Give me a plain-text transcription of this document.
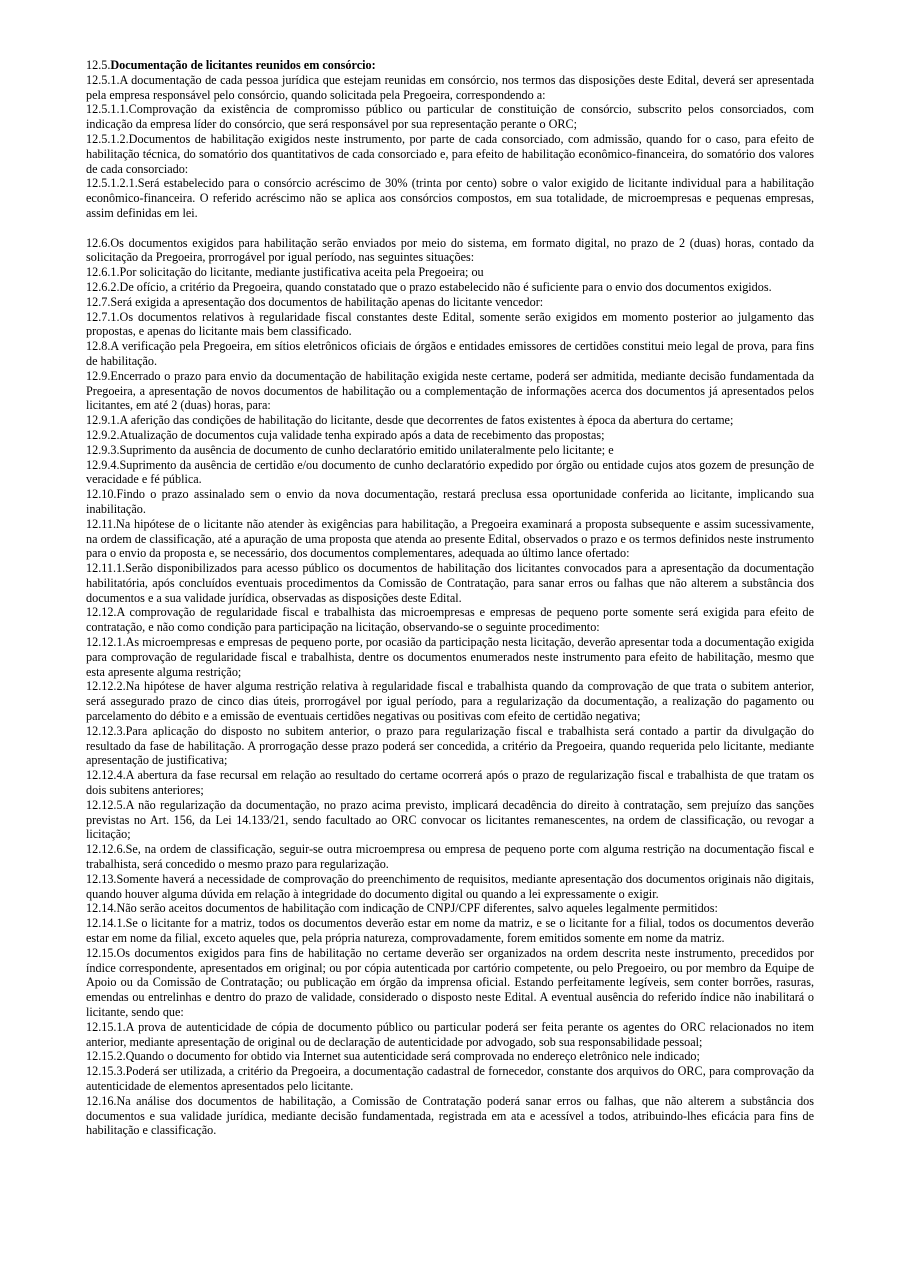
12.5.Documentação de licitantes reunidos em consórcio:

12.5.1.A documentação de cada pessoa jurídica que estejam reunidas em consórcio, nos termos das disposições deste Edital, deverá ser apresentada pela empresa responsável pelo consórcio, quando solicitada pela Pregoeira, correspondendo a:

12.5.1.1.Comprovação da existência de compromisso público ou particular de constituição de consórcio, subscrito pelos consorciados, com indicação da empresa líder do consórcio, que será responsável por sua representação perante o ORC;

12.5.1.2.Documentos de habilitação exigidos neste instrumento, por parte de cada consorciado, com admissão, quando for o caso, para efeito de habilitação técnica, do somatório dos quantitativos de cada consorciado e, para efeito de habilitação econômico-financeira, do somatório dos valores de cada consorciado:

12.5.1.2.1.Será estabelecido para o consórcio acréscimo de 30% (trinta por cento) sobre o valor exigido de licitante individual para a habilitação econômico-financeira. O referido acréscimo não se aplica aos consórcios compostos, em sua totalidade, de microempresas e pequenas empresas, assim definidas em lei.

12.6.Os documentos exigidos para habilitação serão enviados por meio do sistema, em formato digital, no prazo de 2 (duas) horas, contado da solicitação da Pregoeira, prorrogável por igual período, nas seguintes situações:

12.6.1.Por solicitação do licitante, mediante justificativa aceita pela Pregoeira; ou

12.6.2.De ofício, a critério da Pregoeira, quando constatado que o prazo estabelecido não é suficiente para o envio dos documentos exigidos.

12.7.Será exigida a apresentação dos documentos de habilitação apenas do licitante vencedor:

12.7.1.Os documentos relativos à regularidade fiscal constantes deste Edital, somente serão exigidos em momento posterior ao julgamento das propostas, e apenas do licitante mais bem classificado.

12.8.A verificação pela Pregoeira, em sítios eletrônicos oficiais de órgãos e entidades emissores de certidões constitui meio legal de prova, para fins de habilitação.

12.9.Encerrado o prazo para envio da documentação de habilitação exigida neste certame, poderá ser admitida, mediante decisão fundamentada da Pregoeira, a apresentação de novos documentos de habilitação ou a complementação de informações acerca dos documentos já apresentados pelos licitantes, em até 2 (duas) horas, para:

12.9.1.A aferição das condições de habilitação do licitante, desde que decorrentes de fatos existentes à época da abertura do certame;

12.9.2.Atualização de documentos cuja validade tenha expirado após a data de recebimento das propostas;

12.9.3.Suprimento da ausência de documento de cunho declaratório emitido unilateralmente pelo licitante; e

12.9.4.Suprimento da ausência de certidão e/ou documento de cunho declaratório expedido por órgão ou entidade cujos atos gozem de presunção de veracidade e fé pública.

12.10.Findo o prazo assinalado sem o envio da nova documentação, restará preclusa essa oportunidade conferida ao licitante, implicando sua inabilitação.

12.11.Na hipótese de o licitante não atender às exigências para habilitação, a Pregoeira examinará a proposta subsequente e assim sucessivamente, na ordem de classificação, até a apuração de uma proposta que atenda ao presente Edital, observados o prazo e os termos definidos neste instrumento para o envio da proposta e, se necessário, dos documentos complementares, adequada ao último lance ofertado:

12.11.1.Serão disponibilizados para acesso público os documentos de habilitação dos licitantes convocados para a apresentação da documentação habilitatória, após concluídos eventuais procedimentos da Comissão de Contratação, para sanar erros ou falhas que não alterem a substância dos documentos e a sua validade jurídica, observadas as disposições deste Edital.

12.12.A comprovação de regularidade fiscal e trabalhista das microempresas e empresas de pequeno porte somente será exigida para efeito de contratação, e não como condição para participação na licitação, observando-se o seguinte procedimento:

12.12.1.As microempresas e empresas de pequeno porte, por ocasião da participação nesta licitação, deverão apresentar toda a documentação exigida para comprovação de regularidade fiscal e trabalhista, dentre os documentos enumerados neste instrumento para efeito de habilitação, mesmo que esta apresente alguma restrição;

12.12.2.Na hipótese de haver alguma restrição relativa à regularidade fiscal e trabalhista quando da comprovação de que trata o subitem anterior, será assegurado prazo de cinco dias úteis, prorrogável por igual período, para a regularização da documentação, a realização do pagamento ou parcelamento do débito e a emissão de eventuais certidões negativas ou positivas com efeito de certidão negativa;

12.12.3.Para aplicação do disposto no subitem anterior, o prazo para regularização fiscal e trabalhista será contado a partir da divulgação do resultado da fase de habilitação. A prorrogação desse prazo poderá ser concedida, a critério da Pregoeira, quando requerida pelo licitante, mediante apresentação de justificativa;

12.12.4.A abertura da fase recursal em relação ao resultado do certame ocorrerá após o prazo de regularização fiscal e trabalhista de que tratam os dois subitens anteriores;

12.12.5.A não regularização da documentação, no prazo acima previsto, implicará decadência do direito à contratação, sem prejuízo das sanções previstas no Art. 156, da Lei 14.133/21, sendo facultado ao ORC convocar os licitantes remanescentes, na ordem de classificação, ou revogar a licitação;

12.12.6.Se, na ordem de classificação, seguir-se outra microempresa ou empresa de pequeno porte com alguma restrição na documentação fiscal e trabalhista, será concedido o mesmo prazo para regularização.

12.13.Somente haverá a necessidade de comprovação do preenchimento de requisitos, mediante apresentação dos documentos originais não digitais, quando houver alguma dúvida em relação à integridade do documento digital ou quando a lei expressamente o exigir.

12.14.Não serão aceitos documentos de habilitação com indicação de CNPJ/CPF diferentes, salvo aqueles legalmente permitidos:

12.14.1.Se o licitante for a matriz, todos os documentos deverão estar em nome da matriz, e se o licitante for a filial, todos os documentos deverão estar em nome da filial, exceto aqueles que, pela própria natureza, comprovadamente, forem emitidos somente em nome da matriz.

12.15.Os documentos exigidos para fins de habilitação no certame deverão ser organizados na ordem descrita neste instrumento, precedidos por índice correspondente, apresentados em original; ou por cópia autenticada por cartório competente, ou pelo Pregoeiro, ou por membro da Equipe de Apoio ou da Comissão de Contratação; ou publicação em órgão da imprensa oficial. Estando perfeitamente legíveis, sem conter borrões, rasuras, emendas ou entrelinhas e dentro do prazo de validade, considerado o disposto neste Edital. A eventual ausência do referido índice não inabilitará o licitante, sendo que:

12.15.1.A prova de autenticidade de cópia de documento público ou particular poderá ser feita perante os agentes do ORC relacionados no item anterior, mediante apresentação de original ou de declaração de autenticidade por advogado, sob sua responsabilidade pessoal;

12.15.2.Quando o documento for obtido via Internet sua autenticidade será comprovada no endereço eletrônico nele indicado;

12.15.3.Poderá ser utilizada, a critério da Pregoeira, a documentação cadastral de fornecedor, constante dos arquivos do ORC, para comprovação da autenticidade de elementos apresentados pelo licitante.

12.16.Na análise dos documentos de habilitação, a Comissão de Contratação poderá sanar erros ou falhas, que não alterem a substância dos documentos e sua validade jurídica, mediante decisão fundamentada, registrada em ata e acessível a todos, atribuindo-lhes eficácia para fins de habilitação e classificação.
